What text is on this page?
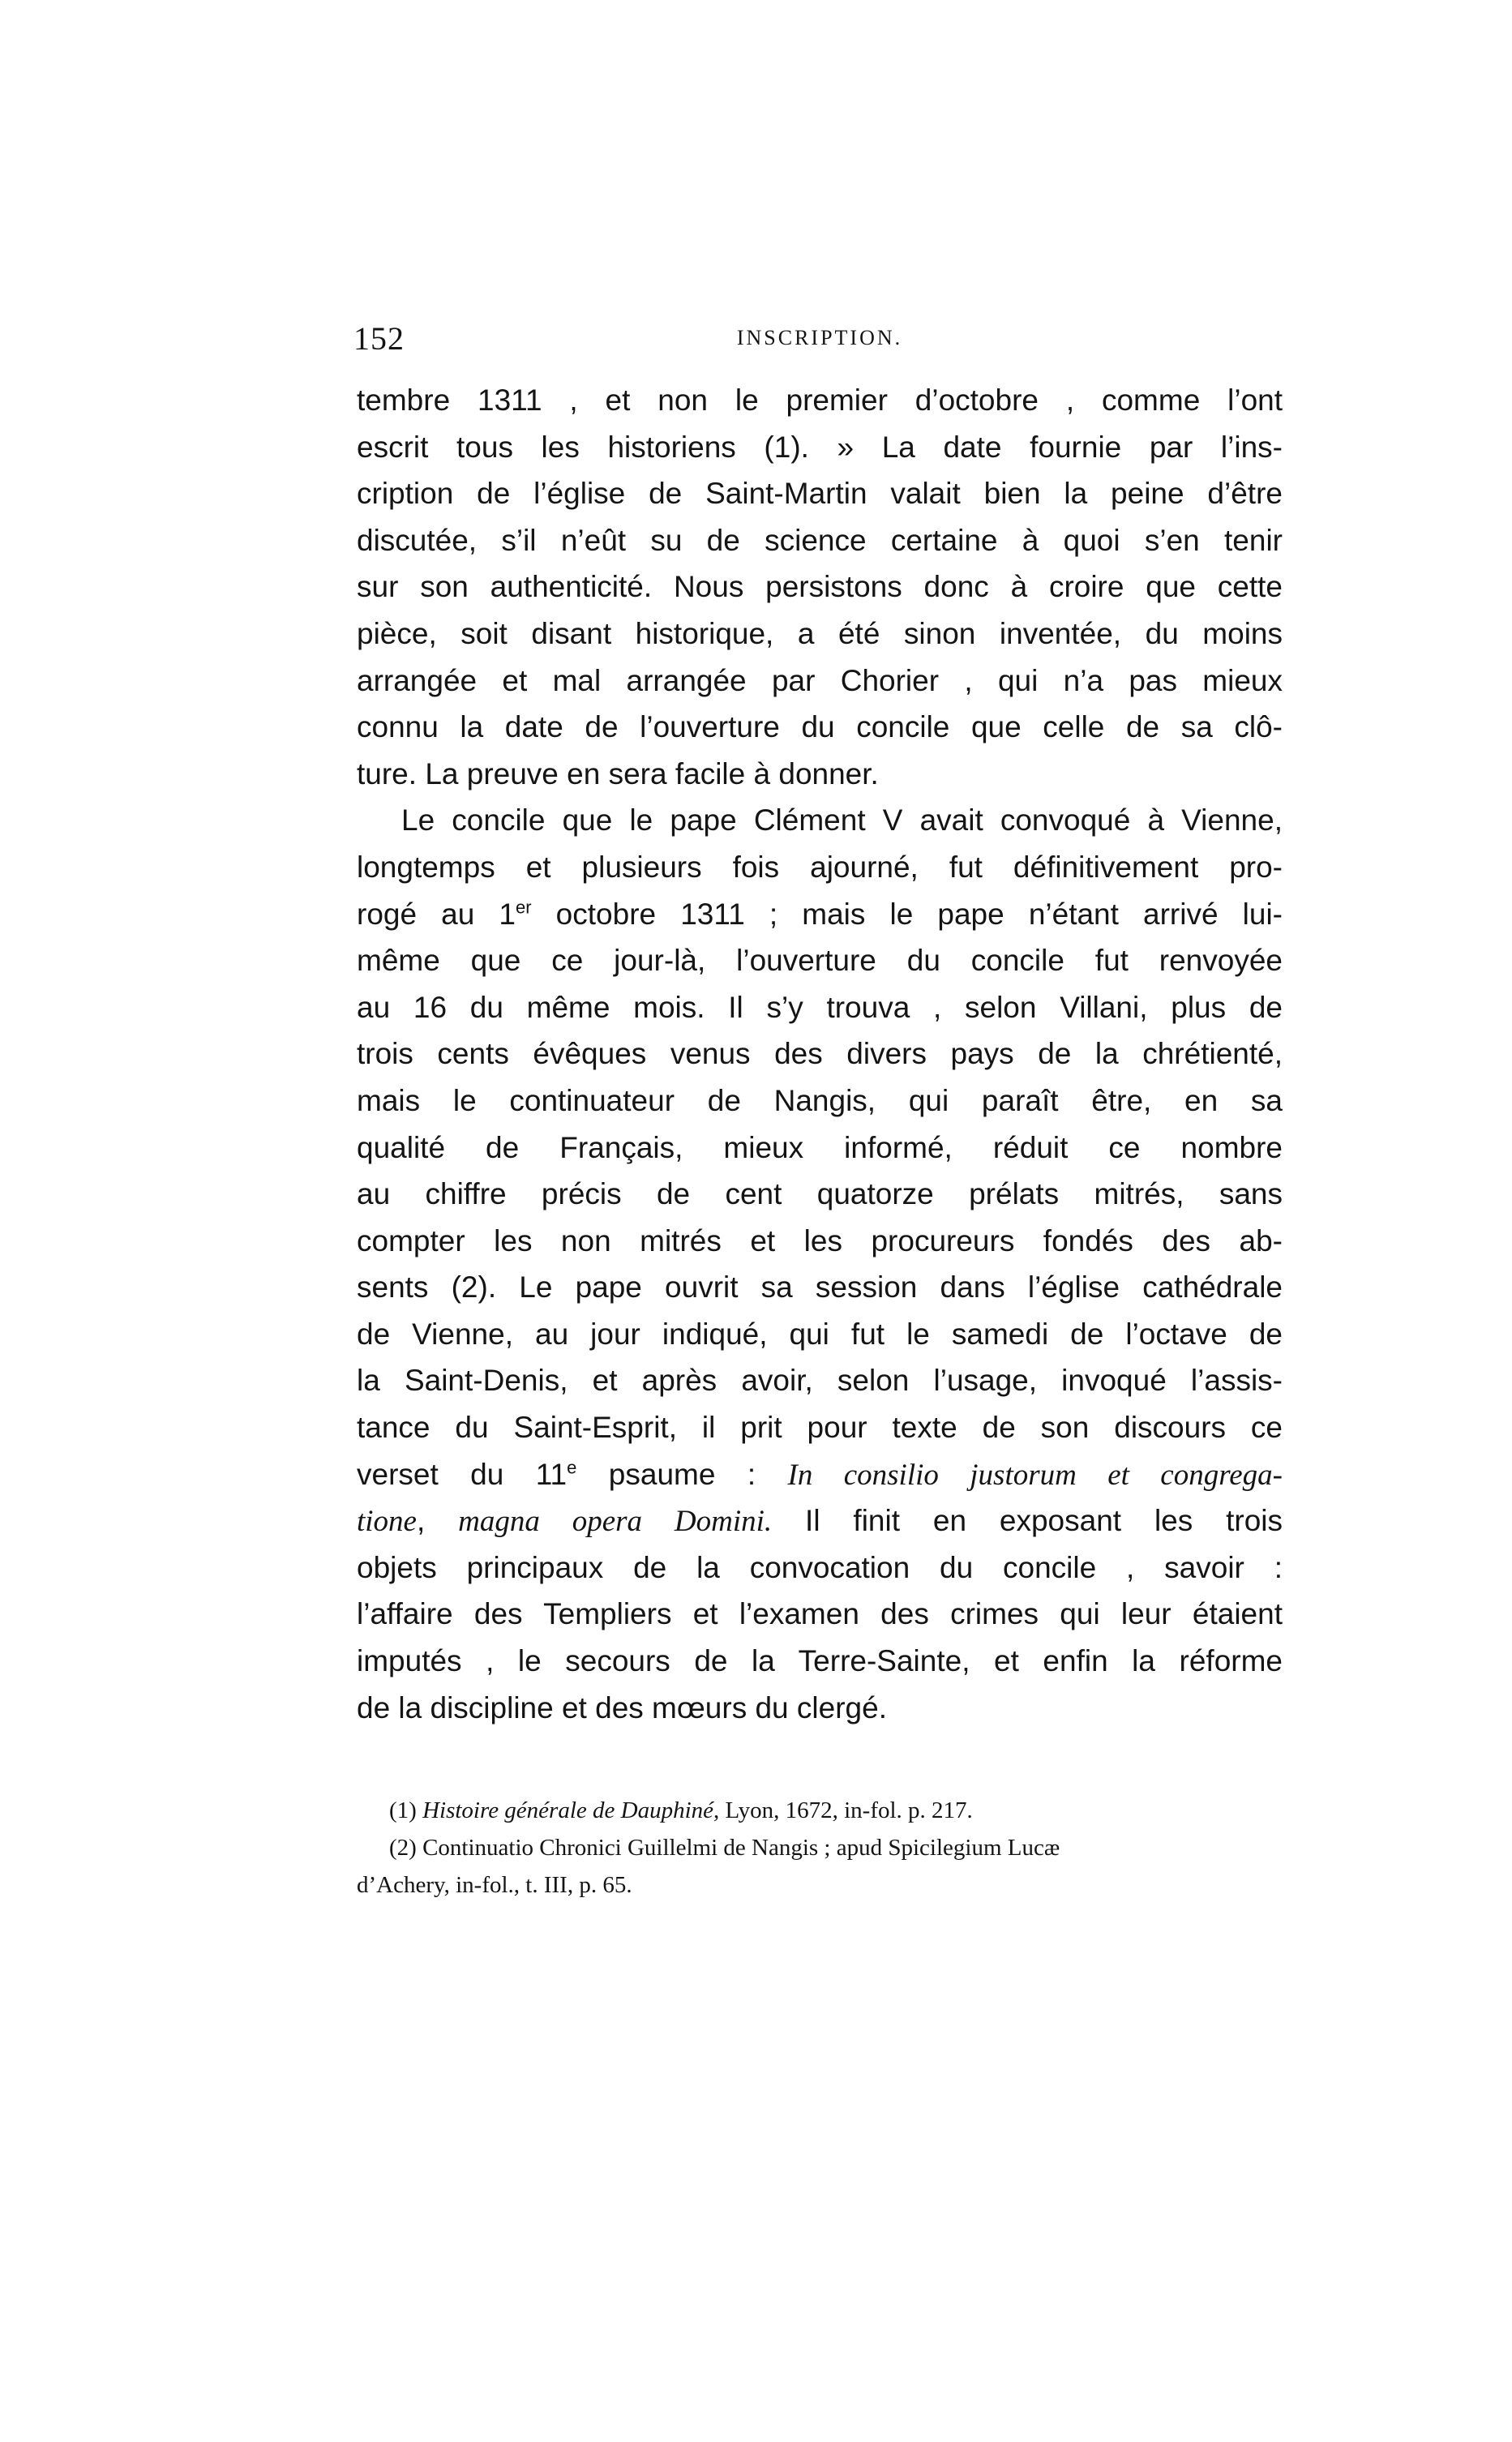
152	INSCRIPTION.
tembre 1311 , et non le premier d’octobre , comme l’ont
escrit tous les historiens (1). » La date fournie par l’ins-
cription de l’église de Saint-Martin valait bien la peine d’être
discutée, s’il n’eût su de science certaine à quoi s’en tenir
sur son authenticité. Nous persistons donc à croire que cette
pièce, soit disant historique, a été sinon inventée, du moins
arrangée et mal arrangée par Chorier , qui n’a pas mieux
connu la date de l’ouverture du concile que celle de sa clô-
ture. La preuve en sera facile à donner.
Le concile que le pape Clément V avait convoqué à Vienne,
longtemps et plusieurs fois ajourné, fut définitivement pro-
rogé au 1er octobre 1311 ; mais le pape n’étant arrivé lui-
même que ce jour-là, l’ouverture du concile fut renvoyée
au 16 du même mois. Il s’y trouva , selon Villani, plus de
trois cents évêques venus des divers pays de la chrétienté,
mais le continuateur de Nangis, qui paraît être, en sa
qualité de Français, mieux informé, réduit ce nombre
au chiffre précis de cent quatorze prélats mitrés, sans
compter les non mitrés et les procureurs fondés des ab-
sents (2). Le pape ouvrit sa session dans l’église cathédrale
de Vienne, au jour indiqué, qui fut le samedi de l’octave de
la Saint-Denis, et après avoir, selon l’usage, invoqué l’assis-
tance du Saint-Esprit, il prit pour texte de son discours ce
verset du 11e psaume : In consilio justorum et congrega-
tione, magna opera Domini. Il finit en exposant les trois
objets principaux de la convocation du concile , savoir :
l’affaire des Templiers et l’examen des crimes qui leur étaient
imputés , le secours de la Terre-Sainte, et enfin la réforme
de la discipline et des mœurs du clergé.
(1) Histoire générale de Dauphiné, Lyon, 1672, in-fol. p. 217.
(2) Continuatio Chronici Guillelmi de Nangis ; apud Spicilegium Lucæ
d’Achery, in-fol., t. III, p. 65.
